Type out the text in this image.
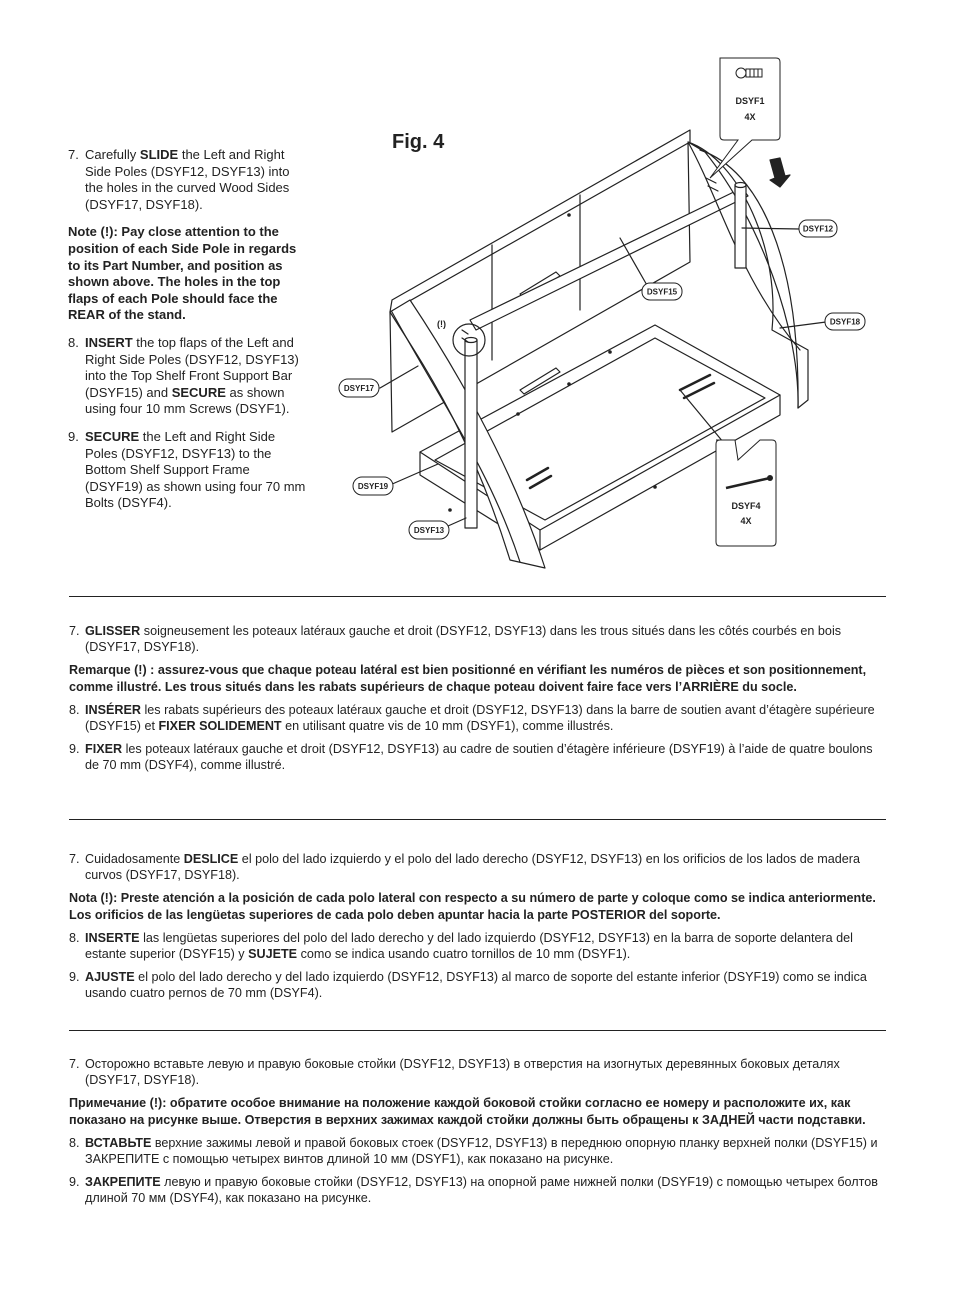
7. Carefully SLIDE the Left and Right Side Poles (DSYF12, DSYF13) into the holes in the curved Wood Sides (DSYF17, DSYF18).
Note (!): Pay close attention to the position of each Side Pole in regards to its Part Number, and position as shown above. The holes in the top flaps of each Pole should face the REAR of the stand.
8. INSERT the top flaps of the Left and Right Side Poles (DSYF12, DSYF13) into the Top Shelf Front Support Bar (DSYF15) and SECURE as shown using four 10 mm Screws (DSYF1).
9. SECURE the Left and Right Side Poles (DSYF12, DSYF13) to the Bottom Shelf Support Frame (DSYF19) as shown using four 70 mm Bolts (DSYF4).
Fig. 4
DSYF1
4X
DSYF4
4X
DSYF12
DSYF15
DSYF18
DSYF17
DSYF19
DSYF13
(!)
7. GLISSER soigneusement les poteaux latéraux gauche et droit (DSYF12, DSYF13) dans les trous situés dans les côtés courbés en bois (DSYF17, DSYF18).
Remarque (!) : assurez-vous que chaque poteau latéral est bien positionné en vérifiant les numéros de pièces et son positionnement, comme illustré. Les trous situés dans les rabats supérieurs de chaque poteau doivent faire face vers l’ARRIÈRE du socle.
8. INSÉRER les rabats supérieurs des poteaux latéraux gauche et droit (DSYF12, DSYF13) dans la barre de soutien avant d’étagère supérieure (DSYF15) et FIXER SOLIDEMENT en utilisant quatre vis de 10 mm (DSYF1), comme illustrés.
9. FIXER les poteaux latéraux gauche et droit (DSYF12, DSYF13) au cadre de soutien d’étagère inférieure (DSYF19) à l’aide de quatre boulons de 70 mm (DSYF4), comme illustré.
7. Cuidadosamente DESLICE el polo del lado izquierdo y el polo del lado derecho (DSYF12, DSYF13) en los orificios de los lados de madera curvos (DSYF17, DSYF18).
Nota (!): Preste atención a la posición de cada polo lateral con respecto a su número de parte y coloque como se indica anteriormente. Los orificios de las lengüetas superiores de cada polo deben apuntar hacia la parte POSTERIOR del soporte.
8. INSERTE las lengüetas superiores del polo del lado derecho y del lado izquierdo (DSYF12, DSYF13) en la barra de soporte delantera del estante superior (DSYF15) y SUJETE como se indica usando cuatro tornillos de 10 mm (DSYF1).
9. AJUSTE el polo del lado derecho y del lado izquierdo (DSYF12, DSYF13) al marco de soporte del estante inferior (DSYF19) como se indica usando cuatro pernos de 70 mm (DSYF4).
7. Осторожно вставьте левую и правую боковые стойки (DSYF12, DSYF13) в отверстия на изогнутых деревянных боковых деталях (DSYF17, DSYF18).
Примечание (!): обратите особое внимание на положение каждой боковой стойки согласно ее номеру и расположите их, как показано на рисунке выше. Отверстия в верхних зажимах каждой стойки должны быть обращены к ЗАДНЕЙ части подставки.
8. ВСТАВЬТЕ верхние зажимы левой и правой боковых стоек (DSYF12, DSYF13) в переднюю опорную планку верхней полки (DSYF15) и ЗАКРЕПИТЕ с помощью четырех винтов длиной 10 мм (DSYF1), как показано на рисунке.
9. ЗАКРЕПИТЕ левую и правую боковые стойки (DSYF12, DSYF13) на опорной раме нижней полки (DSYF19) с помощью четырех болтов длиной 70 мм (DSYF4), как показано на рисунке.
